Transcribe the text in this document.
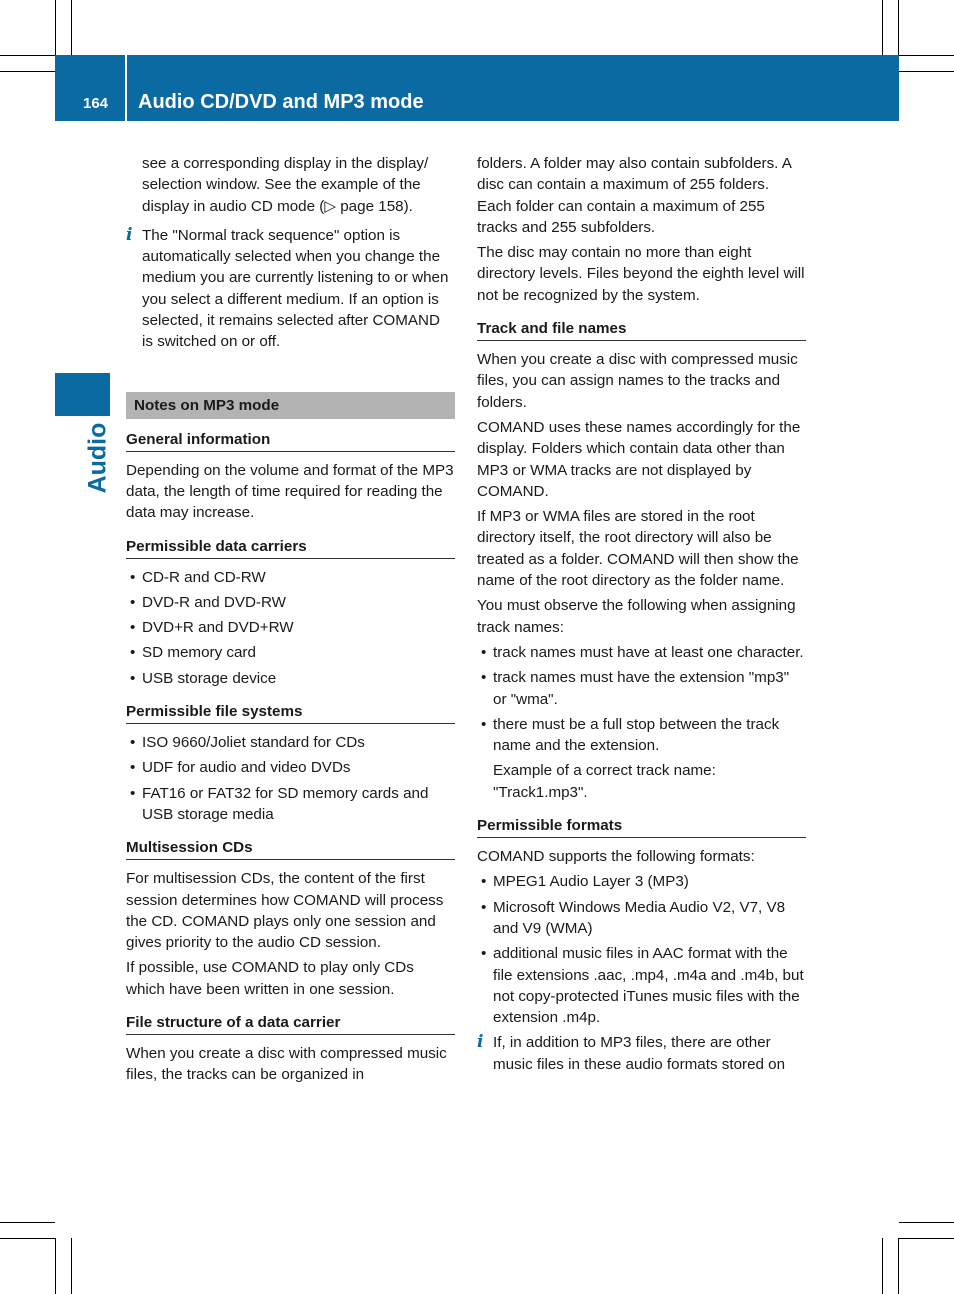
164 Audio CD/DVD and MP3 mode
Audio
see a corresponding display in the display/
selection window. See the example of the
display in audio CD mode (▷ page 158).
i The "Normal track sequence" option is automatically selected when you change the medium you are currently listening to or when you select a different medium. If an option is selected, it remains selected after COMAND is switched on or off.
Notes on MP3 mode
General information

Depending on the volume and format of the MP3 data, the length of time required for reading the data may increase.

Permissible data carriers
• CD-R and CD-RW
• DVD-R and DVD-RW
• DVD+R and DVD+RW
• SD memory card
• USB storage device
Permissible file systems
• ISO 9660/Joliet standard for CDs
• UDF for audio and video DVDs
• FAT16 or FAT32 for SD memory cards and USB storage media
Multisession CDs

For multisession CDs, the content of the first session determines how COMAND will process the CD. COMAND plays only one session and gives priority to the audio CD session.

If possible, use COMAND to play only CDs which have been written in one session.

File structure of a data carrier

When you create a disc with compressed music files, the tracks can be organized in

folders. A folder may also contain subfolders. A disc can contain a maximum of 255 folders. Each folder can contain a maximum of 255 tracks and 255 subfolders.

The disc may contain no more than eight directory levels. Files beyond the eighth level will not be recognized by the system.

Track and file names

When you create a disc with compressed music files, you can assign names to the tracks and folders.

COMAND uses these names accordingly for the display. Folders which contain data other than MP3 or WMA tracks are not displayed by COMAND.

If MP3 or WMA files are stored in the root directory itself, the root directory will also be treated as a folder. COMAND will then show the name of the root directory as the folder name.

You must observe the following when assigning track names:

• track names must have at least one character.
• track names must have the extension "mp3" or "wma".
• there must be a full stop between the track name and the extension.
Example of a correct track name:
"Track1.mp3".
Permissible formats

COMAND supports the following formats:

• MPEG1 Audio Layer 3 (MP3)
• Microsoft Windows Media Audio V2, V7, V8 and V9 (WMA)
• additional music files in AAC format with the file extensions .aac, .mp4, .m4a and .m4b, but not copy-protected iTunes music files with the extension .m4p.
i If, in addition to MP3 files, there are other music files in these audio formats stored on
